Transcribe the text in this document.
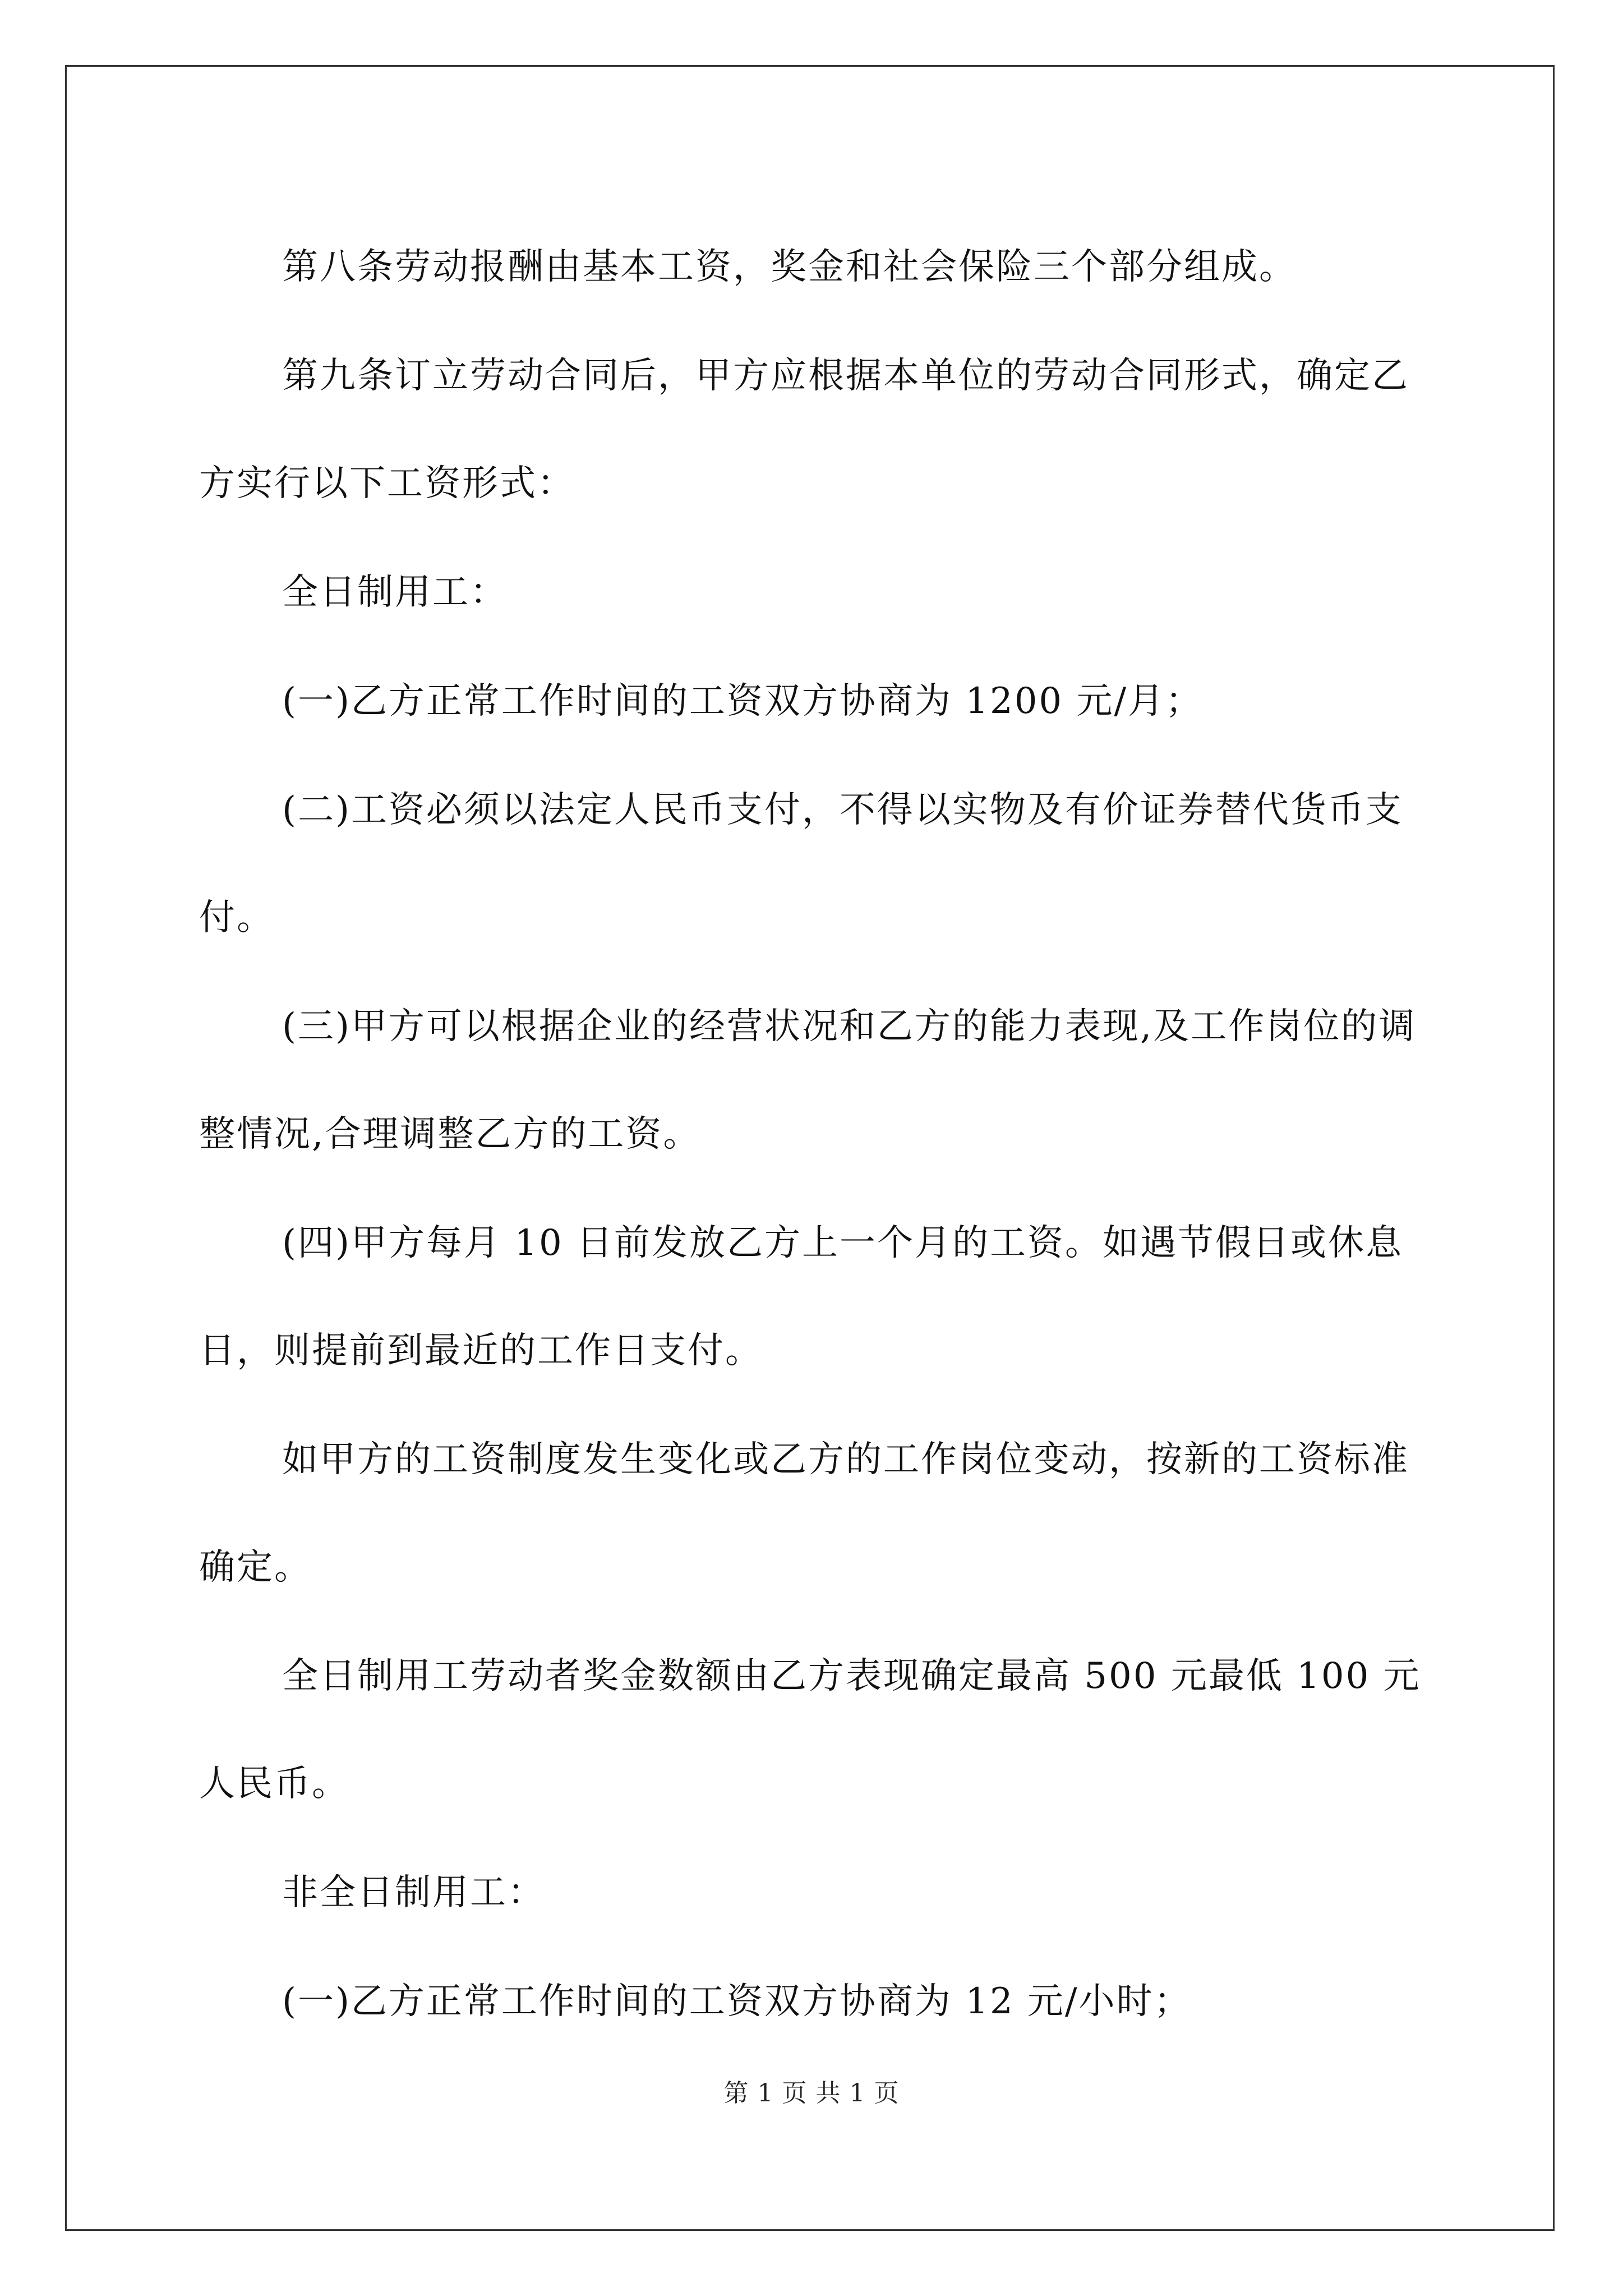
第八条劳动报酬由基本工资，奖金和社会保险三个部分组成。

第九条订立劳动合同后，甲方应根据本单位的劳动合同形式，确定乙方实行以下工资形式：

全日制用工：

(一)乙方正常工作时间的工资双方协商为 1200 元/月；

(二)工资必须以法定人民币支付，不得以实物及有价证券替代货币支付。

(三)甲方可以根据企业的经营状况和乙方的能力表现,及工作岗位的调整情况,合理调整乙方的工资。

(四)甲方每月 10 日前发放乙方上一个月的工资。如遇节假日或休息日，则提前到最近的工作日支付。

如甲方的工资制度发生变化或乙方的工作岗位变动，按新的工资标准确定。

全日制用工劳动者奖金数额由乙方表现确定最高 500 元最低 100 元人民币。

非全日制用工：

(一)乙方正常工作时间的工资双方协商为 12 元/小时；

第 1 页 共 1 页
